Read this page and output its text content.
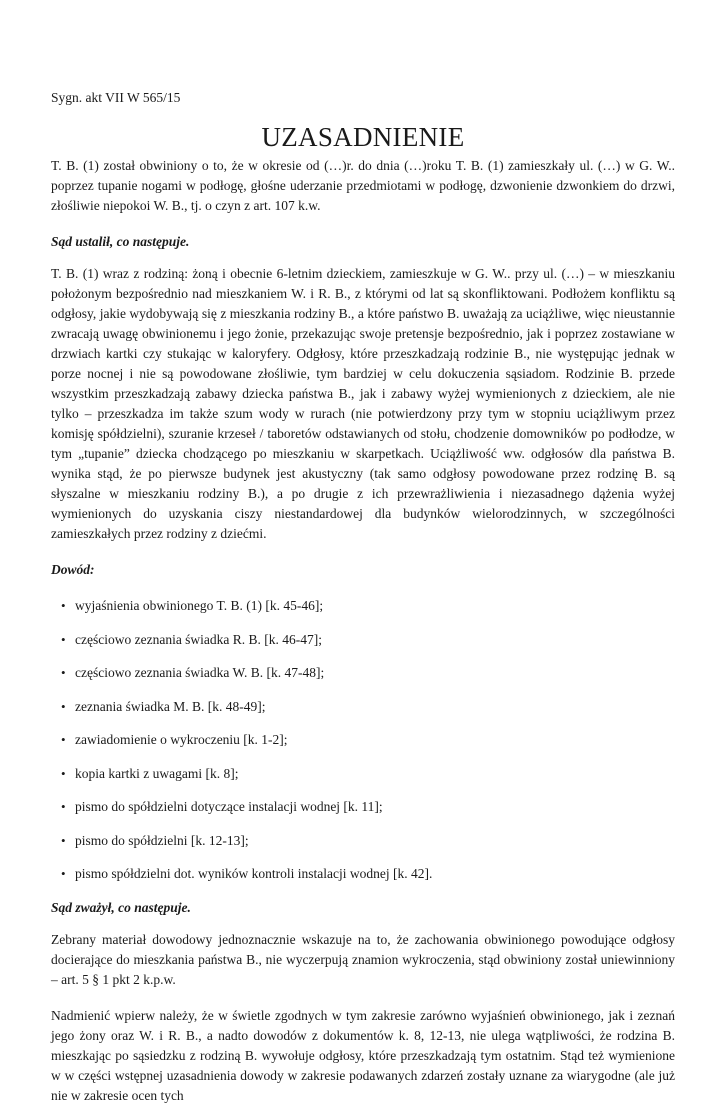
Sygn. akt VII W 565/15
UZASADNIENIE

T. B. (1) został obwiniony o to, że w okresie od (…)r. do dnia (…)roku T. B. (1) zamieszkały ul. (…) w G. W.. poprzez tupanie nogami w podłogę, głośne uderzanie przedmiotami w podłogę, dzwonienie dzwonkiem do drzwi, złośliwie niepokoi W. B., tj. o czyn z art. 107 k.w.

Sąd ustalił, co następuje.

T. B. (1) wraz z rodziną: żoną i obecnie 6-letnim dzieckiem, zamieszkuje w G. W.. przy ul. (…) – w mieszkaniu położonym bezpośrednio nad mieszkaniem W. i R. B., z którymi od lat są skonfliktowani. Podłożem konfliktu są odgłosy, jakie wydobywają się z mieszkania rodziny B., a które państwo B. uważają za uciążliwe, więc nieustannie zwracają uwagę obwinionemu i jego żonie, przekazując swoje pretensje bezpośrednio, jak i poprzez zostawiane w drzwiach kartki czy stukając w kaloryfery. Odgłosy, które przeszkadzają rodzinie B., nie występując jednak w porze nocnej i nie są powodowane złośliwie, tym bardziej w celu dokuczenia sąsiadom. Rodzinie B. przede wszystkim przeszkadzają zabawy dziecka państwa B., jak i zabawy wyżej wymienionych z dzieckiem, ale nie tylko – przeszkadza im także szum wody w rurach (nie potwierdzony przy tym w stopniu uciążliwym przez komisję spółdzielni), szuranie krzeseł / taboretów odstawianych od stołu, chodzenie domowników po podłodze, w tym „tupanie” dziecka chodzącego po mieszkaniu w skarpetkach. Uciążliwość ww. odgłosów dla państwa B. wynika stąd, że po pierwsze budynek jest akustyczny (tak samo odgłosy powodowane przez rodzinę B. są słyszalne w mieszkaniu rodziny B.), a po drugie z ich przewrażliwienia i niezasadnego dążenia wyżej wymienionych do uzyskania ciszy niestandardowej dla budynków wielorodzinnych, w szczególności zamieszkałych przez rodziny z dziećmi.

Dowód:
• wyjaśnienia obwinionego T. B. (1) [k. 45-46];
• częściowo zeznania świadka R. B. [k. 46-47];
• częściowo zeznania świadka W. B. [k. 47-48];
• zeznania świadka M. B. [k. 48-49];
• zawiadomienie o wykroczeniu [k. 1-2];
• kopia kartki z uwagami [k. 8];
• pismo do spółdzielni dotyczące instalacji wodnej [k. 11];
• pismo do spółdzielni [k. 12-13];
• pismo spółdzielni dot. wyników kontroli instalacji wodnej [k. 42].
Sąd zważył, co następuje.

Zebrany materiał dowodowy jednoznacznie wskazuje na to, że zachowania obwinionego powodujące odgłosy docierające do mieszkania państwa B., nie wyczerpują znamion wykroczenia, stąd obwiniony został uniewinniony – art. 5 § 1 pkt 2 k.p.w.

Nadmienić wpierw należy, że w świetle zgodnych w tym zakresie zarówno wyjaśnień obwinionego, jak i zeznań jego żony oraz W. i R. B., a nadto dowodów z dokumentów k. 8, 12-13, nie ulega wątpliwości, że rodzina B. mieszkając po sąsiedzku z rodziną B. wywołuje odgłosy, które przeszkadzają tym ostatnim. Stąd też wymienione w w części wstępnej uzasadnienia dowody w zakresie podawanych zdarzeń zostały uznane za wiarygodne (ale już nie w zakresie ocen tych
